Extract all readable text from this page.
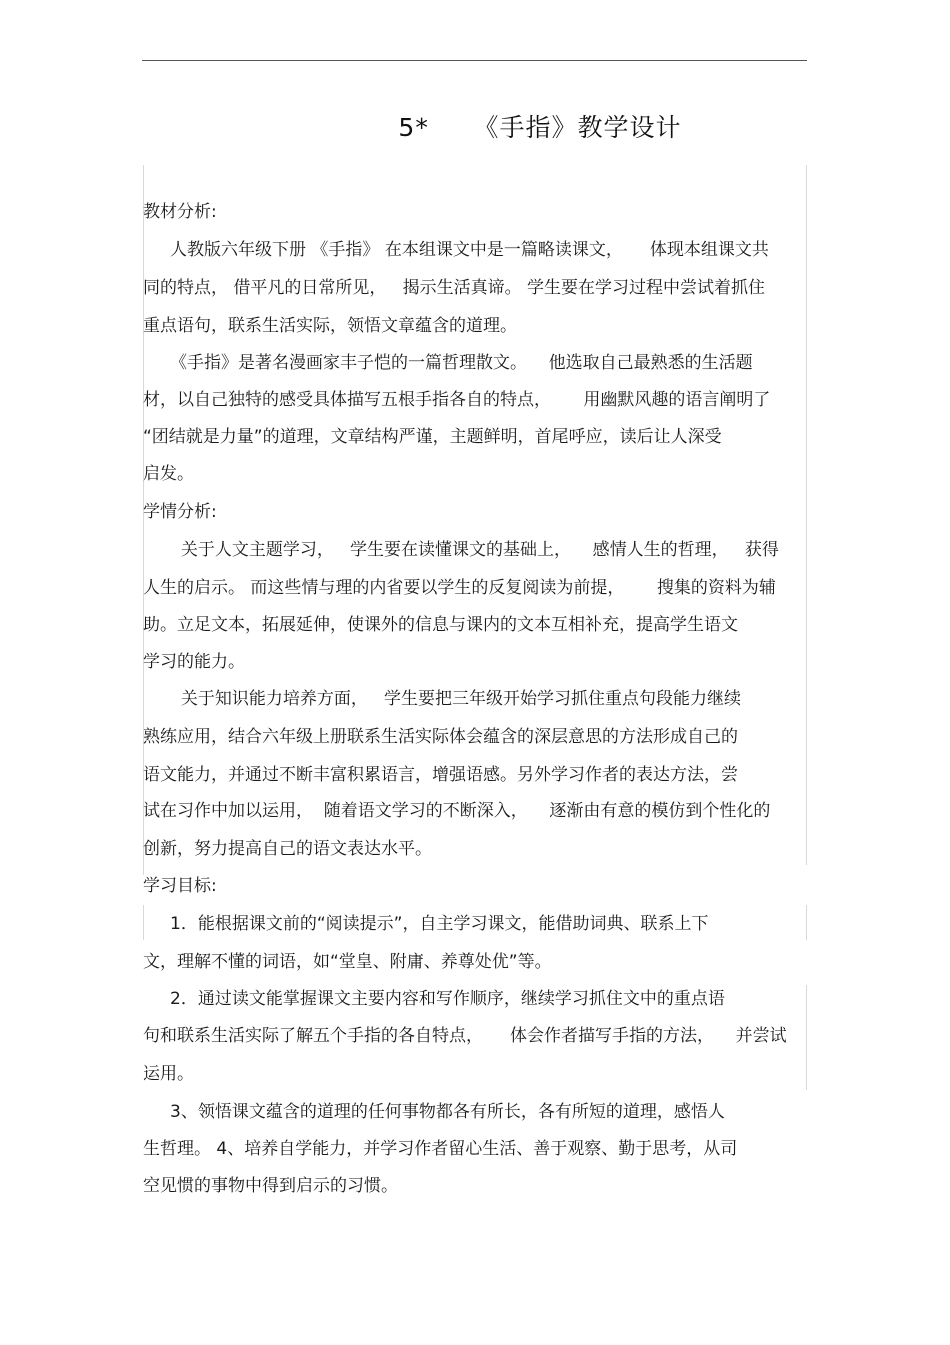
5*     《手指》教学设计
教材分析:
人教版六年级下册 《手指》 在本组课文中是一篇略读课文，     体现本组课文共
同的特点， 借平凡的日常所见，   揭示生活真谛。 学生要在学习过程中尝试着抓住
重点语句，联系生活实际，领悟文章蕴含的道理。
《手指》是著名漫画家丰子恺的一篇哲理散文。    他选取自己最熟悉的生活题
材，以自己独特的感受具体描写五根手指各自的特点，      用幽默风趣的语言阐明了
“团结就是力量”的道理，文章结构严谨，主题鲜明，首尾呼应，读后让人深受
启发。
学情分析:
关于人文主题学习，   学生要在读懂课文的基础上，    感情人生的哲理，   获得
人生的启示。 而这些情与理的内省要以学生的反复阅读为前提，      搜集的资料为辅
助。立足文本，拓展延伸，使课外的信息与课内的文本互相补充，提高学生语文
学习的能力。
关于知识能力培养方面，   学生要把三年级开始学习抓住重点句段能力继续
熟练应用，结合六年级上册联系生活实际体会蕴含的深层意思的方法形成自己的
语文能力，并通过不断丰富积累语言，增强语感。另外学习作者的表达方法，尝
试在习作中加以运用，  随着语文学习的不断深入，    逐渐由有意的模仿到个性化的
创新，努力提高自己的语文表达水平。
学习目标:
1．能根据课文前的“阅读提示”，自主学习课文，能借助词典、联系上下
文，理解不懂的词语，如“堂皇、附庸、养尊处优”等。
2．通过读文能掌握课文主要内容和写作顺序，继续学习抓住文中的重点语
句和联系生活实际了解五个手指的各自特点，     体会作者描写手指的方法，    并尝试
运用。
3、领悟课文蕴含的道理的任何事物都各有所长，各有所短的道理，感悟人
生哲理。 4、培养自学能力，并学习作者留心生活、善于观察、勤于思考，从司
空见惯的事物中得到启示的习惯。
